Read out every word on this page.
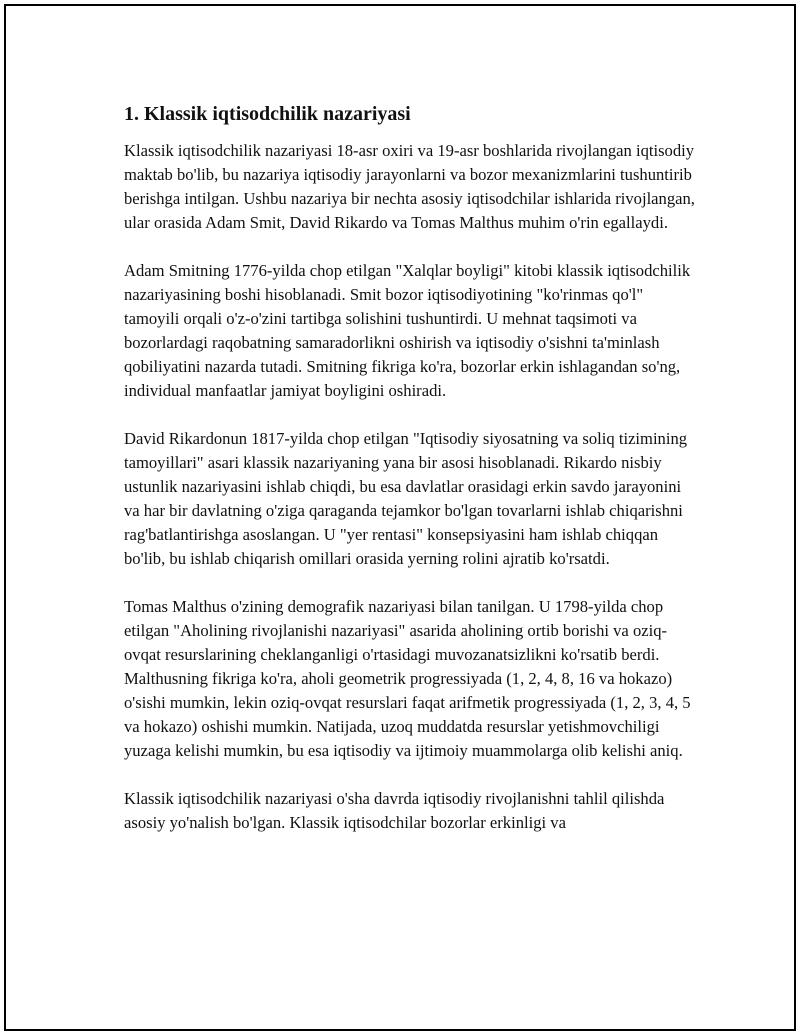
1. Klassik iqtisodchilik nazariyasi

Klassik iqtisodchilik nazariyasi 18-asr oxiri va 19-asr boshlarida rivojlangan iqtisodiy maktab bo'lib, bu nazariya iqtisodiy jarayonlarni va bozor mexanizmlarini tushuntirib berishga intilgan. Ushbu nazariya bir nechta asosiy iqtisodchilar ishlarida rivojlangan, ular orasida Adam Smit, David Rikardo va Tomas Malthus muhim o'rin egallaydi.

Adam Smitning 1776-yilda chop etilgan "Xalqlar boyligi" kitobi klassik iqtisodchilik nazariyasining boshi hisoblanadi. Smit bozor iqtisodiyotining "ko'rinmas qo'l" tamoyili orqali o'z-o'zini tartibga solishini tushuntirdi. U mehnat taqsimoti va bozorlardagi raqobatning samaradorlikni oshirish va iqtisodiy o'sishni ta'minlash qobiliyatini nazarda tutadi. Smitning fikriga ko'ra, bozorlar erkin ishlagandan so'ng, individual manfaatlar jamiyat boyligini oshiradi.

David Rikardonun 1817-yilda chop etilgan "Iqtisodiy siyosatning va soliq tizimining tamoyillari" asari klassik nazariyaning yana bir asosi hisoblanadi. Rikardo nisbiy ustunlik nazariyasini ishlab chiqdi, bu esa davlatlar orasidagi erkin savdo jarayonini va har bir davlatning o'ziga qaraganda tejamkor bo'lgan tovarlarni ishlab chiqarishni rag'batlantirishga asoslangan. U "yer rentasi" konsepsiyasini ham ishlab chiqqan bo'lib, bu ishlab chiqarish omillari orasida yerning rolini ajratib ko'rsatdi.

Tomas Malthus o'zining demografik nazariyasi bilan tanilgan. U 1798-yilda chop etilgan "Aholining rivojlanishi nazariyasi" asarida aholining ortib borishi va oziq-ovqat resurslarining cheklanganligi o'rtasidagi muvozanatsizlikni ko'rsatib berdi. Malthusning fikriga ko'ra, aholi geometrik progressiyada (1, 2, 4, 8, 16 va hokazo) o'sishi mumkin, lekin oziq-ovqat resurslari faqat arifmetik progressiyada (1, 2, 3, 4, 5 va hokazo) oshishi mumkin. Natijada, uzoq muddatda resurslar yetishmovchiligi yuzaga kelishi mumkin, bu esa iqtisodiy va ijtimoiy muammolarga olib kelishi aniq.

Klassik iqtisodchilik nazariyasi o'sha davrda iqtisodiy rivojlanishni tahlil qilishda asosiy yo'nalish bo'lgan. Klassik iqtisodchilar bozorlar erkinligi va
